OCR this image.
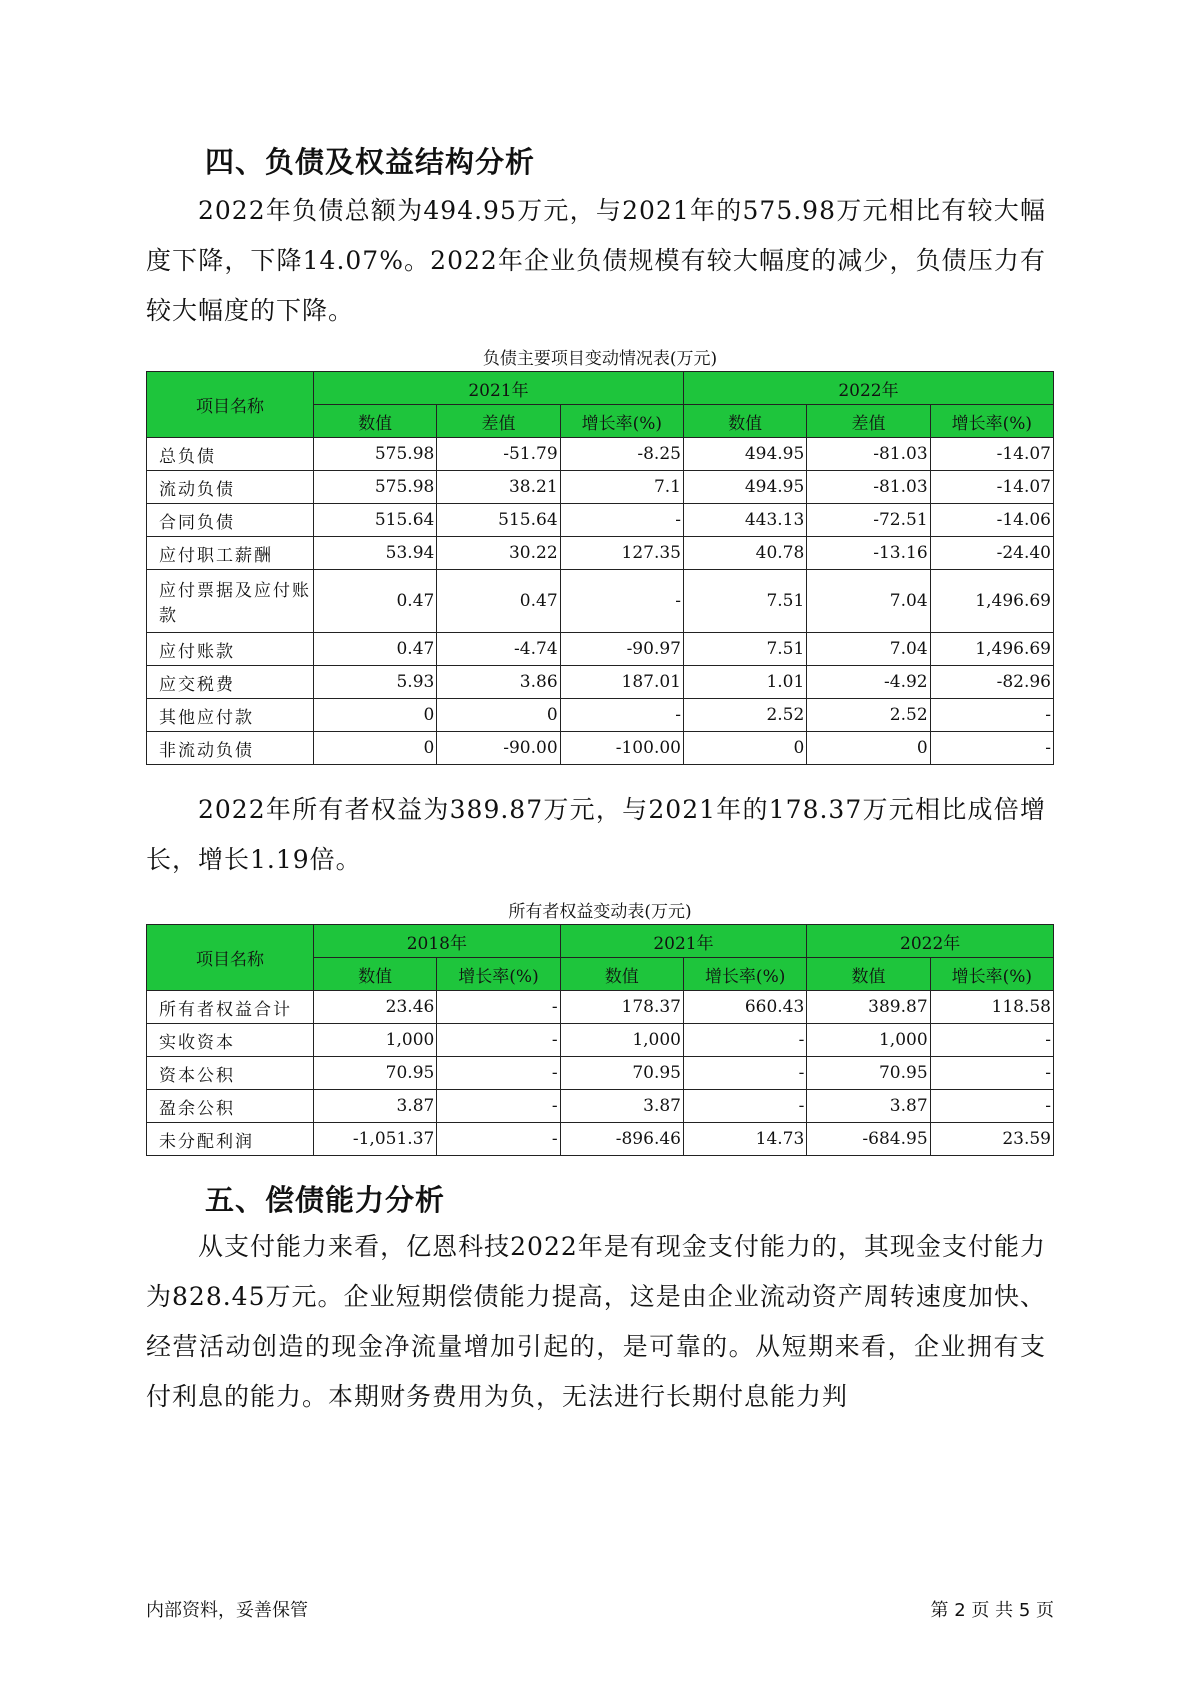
四、负债及权益结构分析

2022年负债总额为494.95万元，与2021年的575.98万元相比有较大幅度下降，下降14.07%。2022年企业负债规模有较大幅度的减少，负债压力有较大幅度的下降。

负债主要项目变动情况表(万元)

项目名称	2021年			2022年		
	数值	差值	增长率(%)	数值	差值	增长率(%)
总负债	575.98	-51.79	-8.25	494.95	-81.03	-14.07
流动负债	575.98	38.21	7.1	494.95	-81.03	-14.07
合同负债	515.64	515.64	-	443.13	-72.51	-14.06
应付职工薪酬	53.94	30.22	127.35	40.78	-13.16	-24.40
应付票据及应付账款	0.47	0.47	-	7.51	7.04	1,496.69
应付账款	0.47	-4.74	-90.97	7.51	7.04	1,496.69
应交税费	5.93	3.86	187.01	1.01	-4.92	-82.96
其他应付款	0	0	-	2.52	2.52	-
非流动负债	0	-90.00	-100.00	0	0	-

2022年所有者权益为389.87万元，与2021年的178.37万元相比成倍增长，增长1.19倍。

所有者权益变动表(万元)

项目名称	2018年		2021年		2022年	
	数值	增长率(%)	数值	增长率(%)	数值	增长率(%)
所有者权益合计	23.46	-	178.37	660.43	389.87	118.58
实收资本	1,000	-	1,000	-	1,000	-
资本公积	70.95	-	70.95	-	70.95	-
盈余公积	3.87	-	3.87	-	3.87	-
未分配利润	-1,051.37	-	-896.46	14.73	-684.95	23.59
五、偿债能力分析

从支付能力来看，亿恩科技2022年是有现金支付能力的，其现金支付能力为828.45万元。企业短期偿债能力提高，这是由企业流动资产周转速度加快、经营活动创造的现金净流量增加引起的，是可靠的。从短期来看，企业拥有支付利息的能力。本期财务费用为负，无法进行长期付息能力判

内部资料，妥善保管	第 2 页 共 5 页
